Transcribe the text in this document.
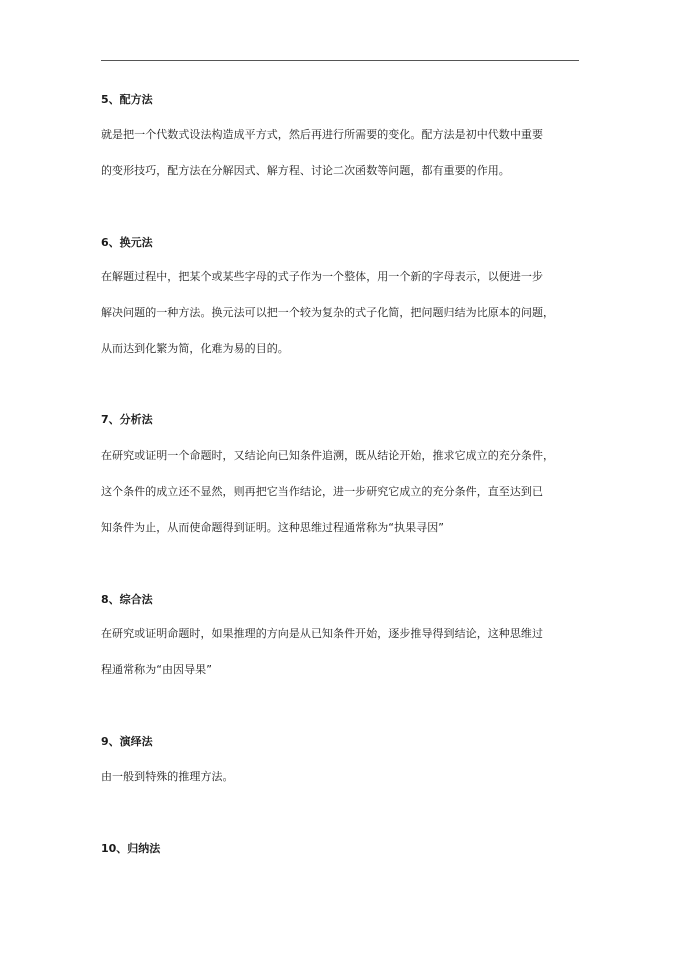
5、配方法

就是把一个代数式设法构造成平方式，然后再进行所需要的变化。配方法是初中代数中重要

的变形技巧，配方法在分解因式、解方程、讨论二次函数等问题，都有重要的作用。

6、换元法

在解题过程中，把某个或某些字母的式子作为一个整体，用一个新的字母表示，以便进一步

解决问题的一种方法。换元法可以把一个较为复杂的式子化简，把问题归结为比原本的问题，

从而达到化繁为简，化难为易的目的。

7、分析法

在研究或证明一个命题时，又结论向已知条件追溯，既从结论开始，推求它成立的充分条件，

这个条件的成立还不显然，则再把它当作结论，进一步研究它成立的充分条件，直至达到已

知条件为止，从而使命题得到证明。这种思维过程通常称为“执果寻因”

8、综合法

在研究或证明命题时，如果推理的方向是从已知条件开始，逐步推导得到结论，这种思维过

程通常称为“由因导果”

9、演绎法

由一般到特殊的推理方法。

10、归纳法
